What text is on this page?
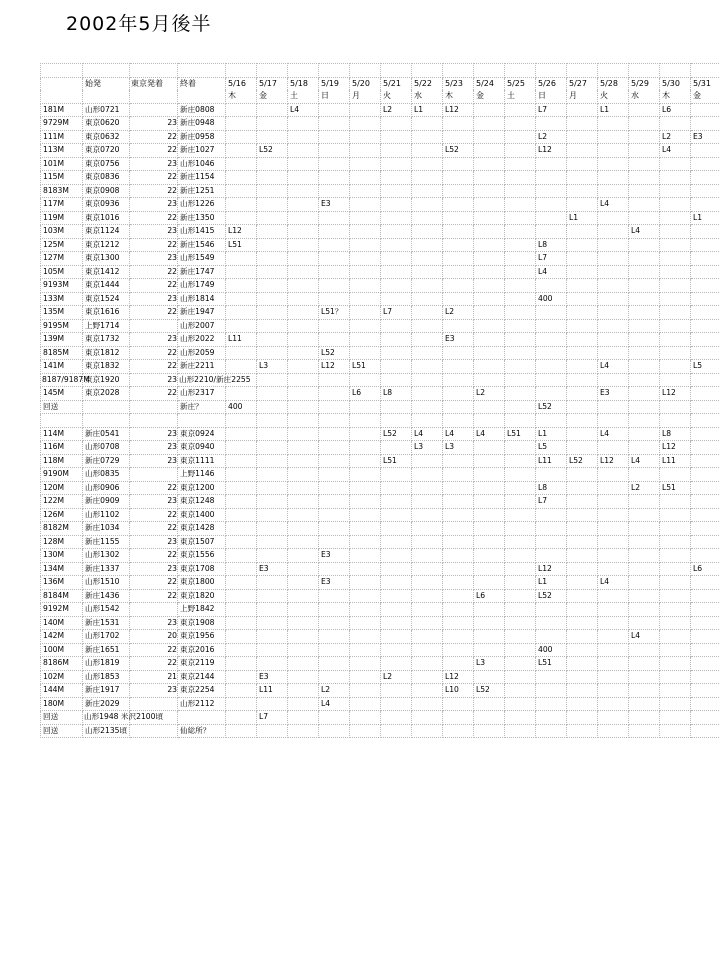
2002年5月後半

	始発	東京発着	終着	5/16	5/17	5/18	5/19	5/20	5/21	5/22	5/23	5/24	5/25	5/26	5/27	5/28	5/29	5/30	5/31
				木	金	土	日	月	火	水	木	金	土	日	月	火	水	木	金
181M	山形0721		新庄0808			L4			L2	L1	L12			L7		L1		L6	
9729M	東京0620	23	新庄0948																
111M	東京0632	22	新庄0958											L2				L2	E3
113M	東京0720	22	新庄1027		L52						L52			L12				L4	
101M	東京0756	23	山形1046																
115M	東京0836	22	新庄1154																
8183M	東京0908	22	新庄1251																
117M	東京0936	23	山形1226				E3									L4			
119M	東京1016	22	新庄1350												L1				L1
103M	東京1124	23	山形1415	L12													L4		
125M	東京1212	22	新庄1546	L51										L8					
127M	東京1300	23	山形1549											L7					
105M	東京1412	22	新庄1747											L4					
9193M	東京1444	22	山形1749																
133M	東京1524	23	山形1814											400					
135M	東京1616	22	新庄1947				L51？		L7		L2								
9195M	上野1714		山形2007																
139M	東京1732	23	山形2022	L11							E3								
8185M	東京1812	22	山形2059				L52												
141M	東京1832	22	新庄2211		L3		L12	L51								L4			L5
8187/9187M	東京1920	23	山形2210/新庄2255																
145M	東京2028	22	山形2317					L6	L8			L2				E3		L12	
回送			新庄？	400										L52					

114M	新庄0541	23	東京0924						L52	L4	L4	L4	L51	L1		L4		L8	
116M	山形0708	23	東京0940							L3	L3			L5				L12	
118M	新庄0729	23	東京1111						L51					L11	L52	L12	L4	L11	
9190M	山形0835		上野1146																
120M	山形0906	22	東京1200											L8			L2	L51	
122M	新庄0909	23	東京1248											L7					
126M	山形1102	22	東京1400																
8182M	新庄1034	22	東京1428																
128M	新庄1155	23	東京1507																
130M	山形1302	22	東京1556				E3												
134M	新庄1337	23	東京1708		E3									L12					L6
136M	山形1510	22	東京1800				E3							L1		L4			
8184M	新庄1436	22	東京1820									L6		L52					
9192M	山形1542		上野1842																
140M	新庄1531	23	東京1908																
142M	山形1702	20	東京1956														L4		
100M	新庄1651	22	東京2016											400					
8186M	山形1819	22	東京2119									L3		L51					
102M	山形1853	21	東京2144		E3				L2		L12								
144M	新庄1917	23	東京2254		L11		L2				L10	L52							
180M	新庄2029		山形2112				L4												
回送	山形1948 米沢2100頃				L7														
回送	山形2135頃		仙総所？																
